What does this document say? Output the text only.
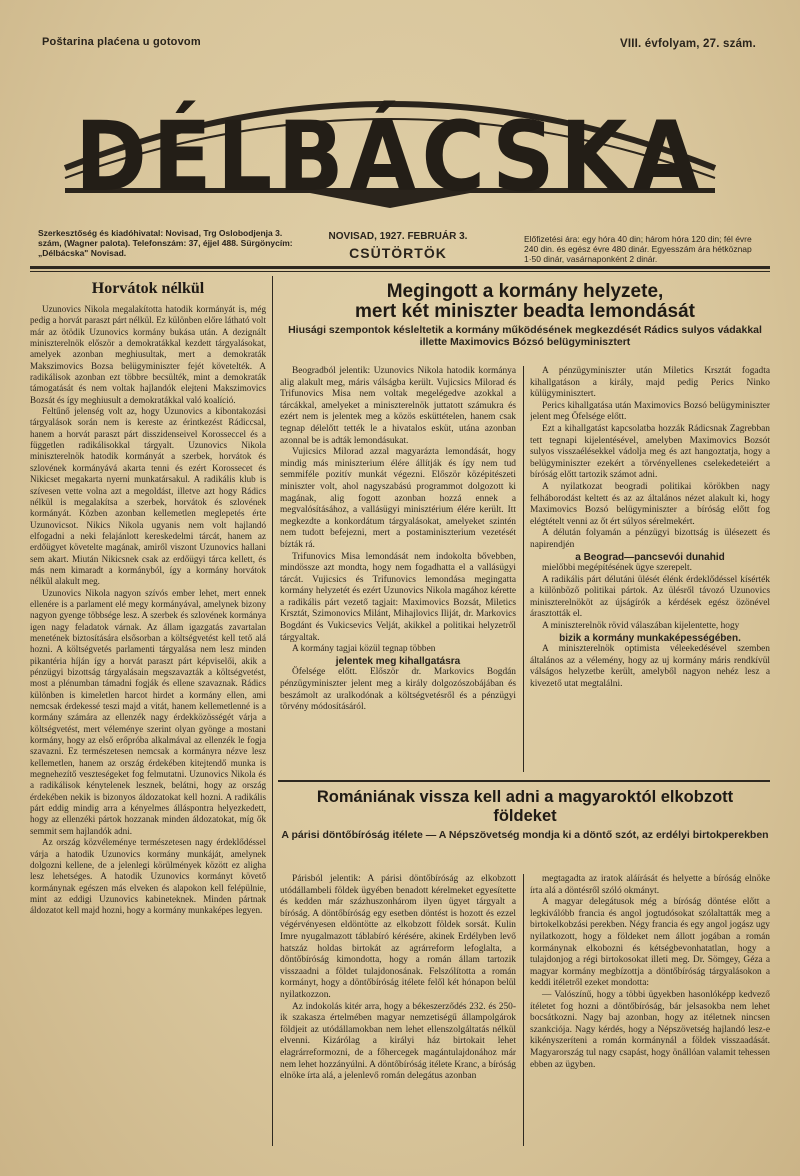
Poštarina plaćena u gotovom	VIII. évfolyam, 27. szám.
DÉLBÁCSKA
Szerkesztőség és kiadóhivatal: Novisad, Trg Oslobodjenja 3. szám, (Wagner palota). Telefonszám: 37, éjjel 488. Sürgönycím: „Délbácska" Novisad.
NOVISAD, 1927. FEBRUÁR 3.
CSÜTÖRTÖK
Előfizetési ára: egy hóra 40 din; három hóra 120 din; fél évre 240 din. és egész évre 480 dinár. Egyesszám ára hétköznap 1·50 dinár, vasárnaponként 2 dinár.
Horvátok nélkül

Uzunovics Nikola megalakította hatodik kormányát is, még pedig a horvát paraszt párt nélkül. Ez különben előre látható volt már az ötödik Uzunovics kormány bukása után. A dezignált miniszterelnök először a demokratákkal kezdett tárgyalásokat, amelyek azonban meghiusultak, mert a demokraták Makszimovics Bozsa belügyminiszter fejét követelték. A radikálisok azonban ezt többre becsülték, mint a demokraták támogatását és nem voltak hajlandók elejteni Makszimovics Bozsát és így meghiusult a demokratákkal való koalíció.

Feltűnő jelenség volt az, hogy Uzunovics a kibontakozási tárgyalások során nem is kereste az érintkezést Rádiccsal, hanem a horvát paraszt párt disszidenseivel Korosseccel és a független radikálisokkal tárgyalt. Uzunovics Nikola miniszterelnök hatodik kormányát a szerbek, horvátok és szlovének kormányává akarta tenni és ezért Korossecet és Nikicset megakarta nyerni munkatársakul. A radikális klub is szívesen vette volna azt a megoldást, illetve azt hogy Rádics nélkül is megalakítsa a szerbek, horvátok és szlovének kormányát. Közben azonban kellemetlen meglepetés érte Uzunovicsot. Nikics Nikola ugyanis nem volt hajlandó elfogadni a neki felajánlott kereskedelmi tárcát, hanem az erdőügyet követelte magának, amiről viszont Uzunovics hallani sem akart. Miután Nikicsnek csak az erdőügyi tárca kellett, és más nem kimaradt a kormányból, így a kormány horvátok nélkül alakult meg.

Uzunovics Nikola nagyon szívós ember lehet, mert ennek ellenére is a parlament elé megy kormányával, amelynek bizony nagyon gyenge többsége lesz. A szerbek és szlovének kormánya igen nagy feladatok várnak. Az állam igazgatás zavartalan menetének biztosítására elsősorban a költségvetést kell tető alá hozni. A költségvetés parlamenti tárgyalása nem lesz minden pikantéria híján így a horvát paraszt párt képviselői, akik a pénzügyi bizottság tárgyalásain megszavazták a költségvetést, most a plénumban támadni fogják és ellene szavaznak. Rádics különben is kimeletlen harcot hirdet a kormány ellen, ami nemcsak érdekessé teszi majd a vitát, hanem kellemetlenné is a kormány számára az ellenzék nagy érdekközösségét várja a költségvetést, mert véleménye szerint olyan gyönge a mostani kormány, hogy az első erőpróba alkalmával az ellenzék le fogja szavazni. Ez természetesen nemcsak a kormányra nézve lesz kellemetlen, hanem az ország érdekében kitejtendő munka is megnehezítő veszteségeket fog felmutatni. Uzunovics Nikola és a radikálisok kénytelenek lesznek, belátni, hogy az ország érdekében nekik is bizonyos áldozatokat kell hozni. A radikális párt eddig mindig arra a kényelmes álláspontra helyezkedett, hogy az ellenzéki pártok hozzanak minden áldozatokat, míg ők semmit sem hajlandók adni.

Az ország közvéleménye természetesen nagy érdeklődéssel várja a hatodik Uzunovics kormány munkáját, amelynek dolgozni kellene, de a jelenlegi körülmények között ez aligha lesz lehetséges. A hatodik Uzunovics kormányt követő kormánynak egészen más elveken és alapokon kell felépülnie, mint az eddigi Uzunovics kabineteknek. Minden pártnak áldozatot kell majd hozni, hogy a kormány munkaképes legyen.

Megingott a kormány helyzete,
mert két miniszter beadta lemondását
Hiusági szempontok késleltetik a kormány működésének megkezdését Rádics sulyos vádakkal illette Maximovics Bózsó belügyminisztert

Beogradból jelentik: Uzunovics Nikola hatodik kormánya alig alakult meg, máris válságba került. Vujicsics Milorad és Trifunovics Misa nem voltak megelégedve azokkal a tárcákkal, amelyeket a miniszterelnök juttatott számukra és ezért nem is jelentek meg a közös esküttételen, hanem csak tegnap délelőtt tették le a hivatalos esküt, utána azonban azonnal be is adták lemondásukat.

Vujicsics Milorad azzal magyarázta lemondását, hogy mindig más miniszterium élére állítják és így nem tud semmiféle pozitív munkát végezni. Először középitészeti miniszter volt, ahol nagyszabású programmot dolgozott ki magának, alig fogott azonban hozzá ennek a megvalósításához, a vallásügyi minisztérium élére került. Itt megkezdte a konkordátum tárgyalásokat, amelyeket szintén nem tudott befejezni, mert a postaminiszterium vezetését bízták rá.

Trifunovics Misa lemondását nem indokolta bővebben, mindössze azt mondta, hogy nem fogadhatta el a vallásügyi tárcát. Vujicsics és Trifunovics lemondása megingatta kormány helyzetét és ezért Uzunovics Nikola magához kérette a radikális párt vezető tagjait: Maximovics Bozsát, Miletics Krsztát, Szimonovics Milánt, Mihajlovics Iliját, dr. Markovics Bogdánt és Vukicsevics Velját, akikkel a politikai helyzetről tárgyaltak.

A kormány tagjai közül tegnap többen

jelentek meg kihallgatásra

Öfelsége előtt. Először dr. Markovics Bogdán pénzügyminiszter jelent meg a király dolgozószobájában és beszámolt az uralkodónak a költségvetésről és a pénzügyi törvény módosításáról.

A pénzügyminiszter után Miletics Krsztát fogadta kihallgatáson a király, majd pedig Perics Ninko külügyminisztert.

Perics kihallgatása után Maximovics Bozsó belügyminiszter jelent meg Öfelsége előtt.

Ezt a kihallgatást kapcsolatba hozzák Rádicsnak Zagrebban tett tegnapi kijelentésével, amelyben Maximovics Bozsót sulyos visszaélésekkel vádolja meg és azt hangoztatja, hogy a belügyminiszter ezekért a törvényellenes cselekedeteiért a bíróság előtt tartozik számot adni.

A nyilatkozat beogradi politikai körökben nagy felháborodást keltett és az az általános nézet alakult ki, hogy Maximovics Bozsó belügyminiszter a bíróság előtt fog elégtételt venni az őt ért súlyos sérelmekért.

A délután folyamán a pénzügyi bizottság is ülésezett és napirendjén

a Beograd—pancsevói dunahid

mielőbbi megépítésének ügye szerepelt.

A radikális párt délutáni ülését élénk érdeklődéssel kísérték a különböző politikai pártok. Az ülésről távozó Uzunovics miniszterelnököt az újságírók a kérdések egész özönével árasztották el.

A miniszterelnök rövid válaszában kijelentette, hogy

bizik a kormány munkaképességében.

A miniszterelnök optimista véleekedésével szemben általános az a vélemény, hogy az uj kormány máris rendkívül válságos helyzetbe került, amelyből nagyon nehéz lesz a kivezető utat megtalálni.

Romániának vissza kell adni a magyaroktól elkobzott
földeket
A párisi döntőbíróság itélete — A Népszövetség mondja ki a döntő szót, az erdélyi birtokperekben

Párisból jelentik: A párisi döntőbíróság az elkobzott utódállambeli földek ügyében benadott kérelmeket egyesítette és kedden már százhuszonhárom ilyen ügyet tárgyalt a bíróság. A döntőbíróság egy esetben döntést is hozott és ezzel végérvényesen eldöntötte az elkobzott földek sorsát. Kulin Imre nyugalmazott táblabíró kérésére, akinek Erdélyben levő hatszáz holdas birtokát az agrárreform lefoglalta, a döntőbíróság kimondotta, hogy a román állam tartozik visszaadni a földet tulajdonosának. Felszólította a román kormányt, hogy a döntőbíróság itélete felől két hónapon belül nyilatkozzon.

Az indokolás kitér arra, hogy a békeszerződés 232. és 250-ik szakasza értelmében magyar nemzetiségű állampolgárok földjeit az utódállamokban nem lehet ellenszolgáltatás nélkül elvenni. Kizárólag a királyi ház birtokait lehet elagrárreformozni, de a főhercegek magántulajdonához már nem lehet hozzányúlni. A döntőbíróság itélete Kranc, a bíróság elnöke írta alá, a jelenlevő román delegátus azonban

megtagadta az iratok aláírását és helyette a bíróság elnöke írta alá a döntésről szóló okmányt.

A magyar delegátusok még a bíróság döntése előtt a legkiválóbb francia és angol jogtudósokat szólaltatták meg a birtokelkobzási perekben. Négy francia és egy angol jogász ugy nyilatkozott, hogy a földeket nem állott jogában a román kormánynak elkobozni és kétségbevonhatatlan, hogy a tulajdonjog a régi birtokosokat illeti meg. Dr. Sömgey, Géza a magyar kormány megbízottja a döntőbíróság tárgyalásokon a keddi itéletről ezeket mondotta:

— Valószínű, hogy a többi ügyekben hasonlóképp kedvező ítéletet fog hozni a döntőbíróság, bár jelsasokba nem lehet bocsátkozni. Nagy baj azonban, hogy az itéletnek nincsen szankciója. Nagy kérdés, hogy a Népszövetség hajlandó lesz-e kikényszeríteni a román kormánynál a földek visszaadását. Magyarország tul nagy csapást, hogy önállóan valamit tehessen ebben az ügyben.
